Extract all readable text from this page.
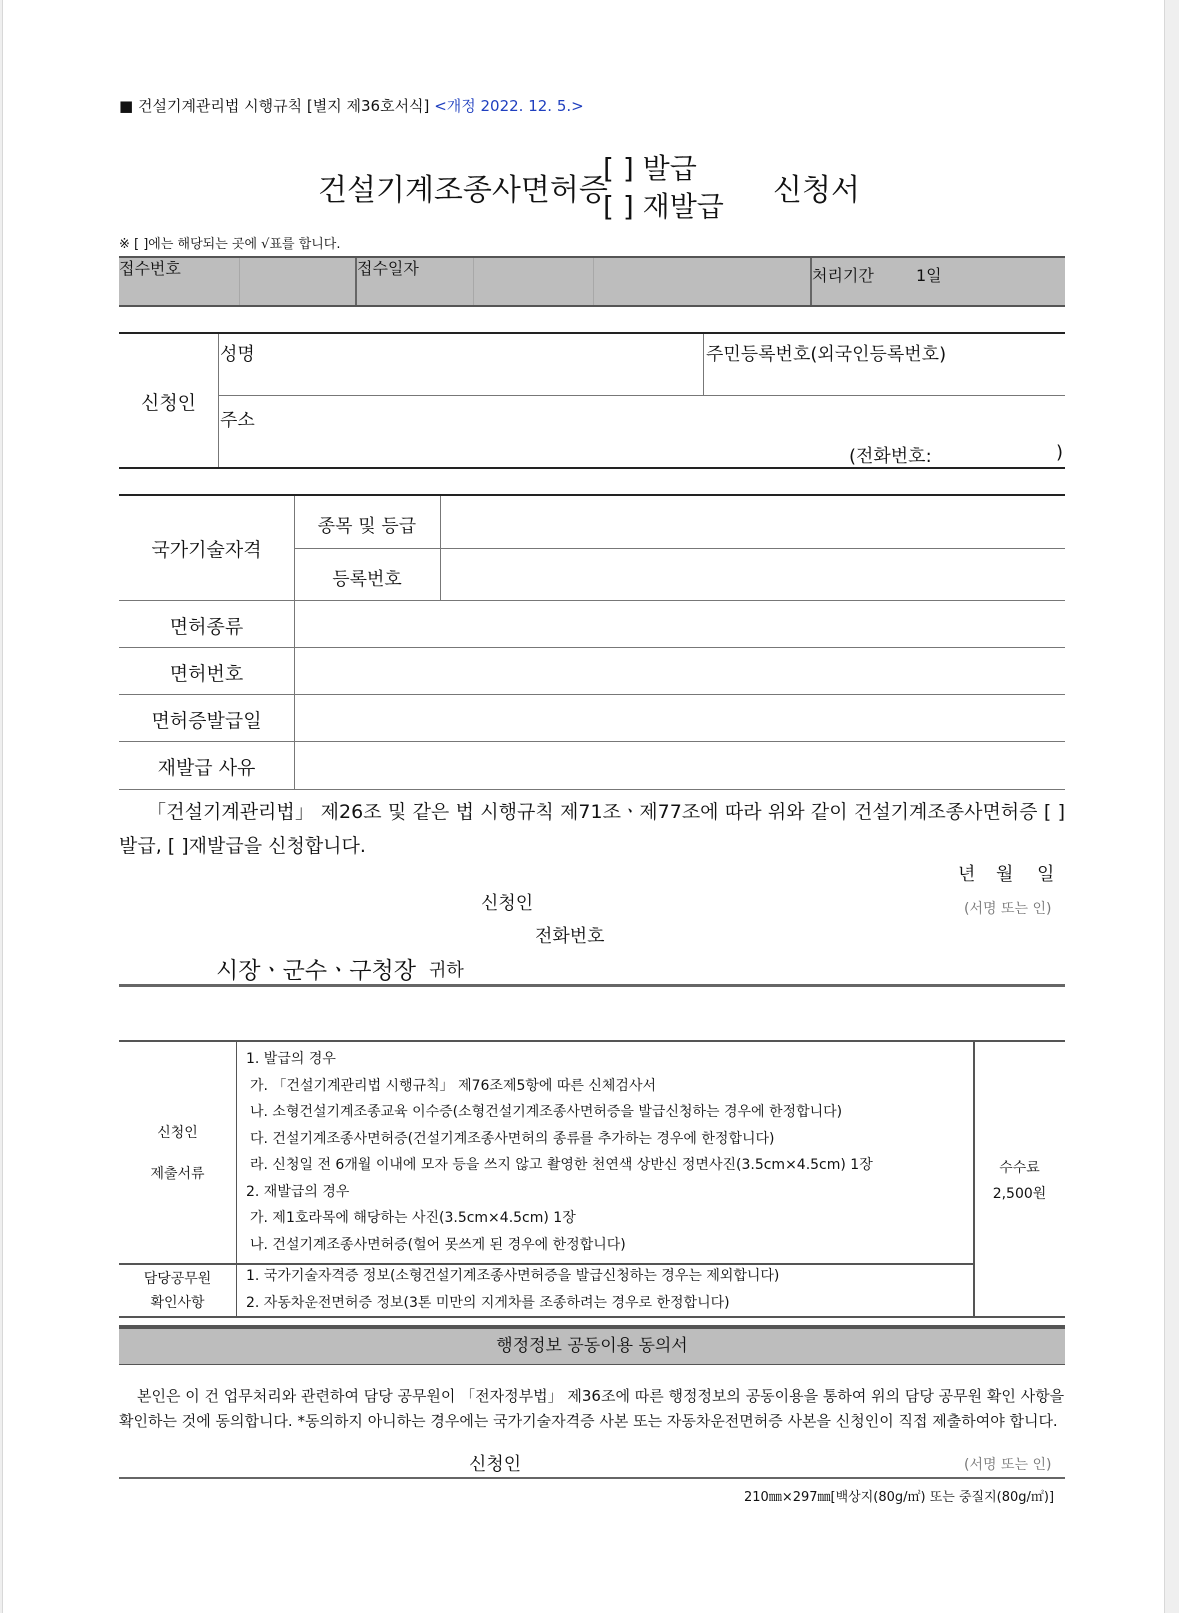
■ 건설기계관리법 시행규칙 [별지 제36호서식] <개정 2022. 12. 5.>
건설기계조종사면허증
[ ] 발급
[ ] 재발급 신청서
※ [ ]에는 해당되는 곳에 √표를 합니다.
접수번호	접수일자	처리기간	1일
신청인
성명	주민등록번호(외국인등록번호)
주소
(전화번호:	)
국가기술자격
종목 및 등급
등록번호
면허종류
면허번호
면허증발급일
재발급 사유
「건설기계관리법」 제26조 및 같은 법 시행규칙 제71조ㆍ제77조에 따라 위와 같이 건설기계조종사면허증 [ ]발급, [ ]재발급을 신청합니다.
년 월 일
신청인	(서명 또는 인)
전화번호
시장ㆍ군수ㆍ구청장 귀하
신청인
제출서류
1. 발급의 경우
가. 「건설기계관리법 시행규칙」 제76조제5항에 따른 신체검사서
나. 소형건설기계조종교육 이수증(소형건설기계조종사면허증을 발급신청하는 경우에 한정합니다)
다. 건설기계조종사면허증(건설기계조종사면허의 종류를 추가하는 경우에 한정합니다)
라. 신청일 전 6개월 이내에 모자 등을 쓰지 않고 촬영한 천연색 상반신 정면사진(3.5cm×4.5cm) 1장
2. 재발급의 경우
가. 제1호라목에 해당하는 사진(3.5cm×4.5cm) 1장
나. 건설기계조종사면허증(헐어 못쓰게 된 경우에 한정합니다)
담당공무원
확인사항
1. 국가기술자격증 정보(소형건설기계조종사면허증을 발급신청하는 경우는 제외합니다)
2. 자동차운전면허증 정보(3톤 미만의 지게차를 조종하려는 경우로 한정합니다)
수수료
2,500원
행정정보 공동이용 동의서
본인은 이 건 업무처리와 관련하여 담당 공무원이 「전자정부법」 제36조에 따른 행정정보의 공동이용을 통하여 위의 담당 공무원 확인 사항을 확인하는 것에 동의합니다. *동의하지 아니하는 경우에는 국가기술자격증 사본 또는 자동차운전면허증 사본을 신청인이 직접 제출하여야 합니다.
신청인	(서명 또는 인)
210㎜×297㎜[백상지(80g/㎡) 또는 중질지(80g/㎡)]
